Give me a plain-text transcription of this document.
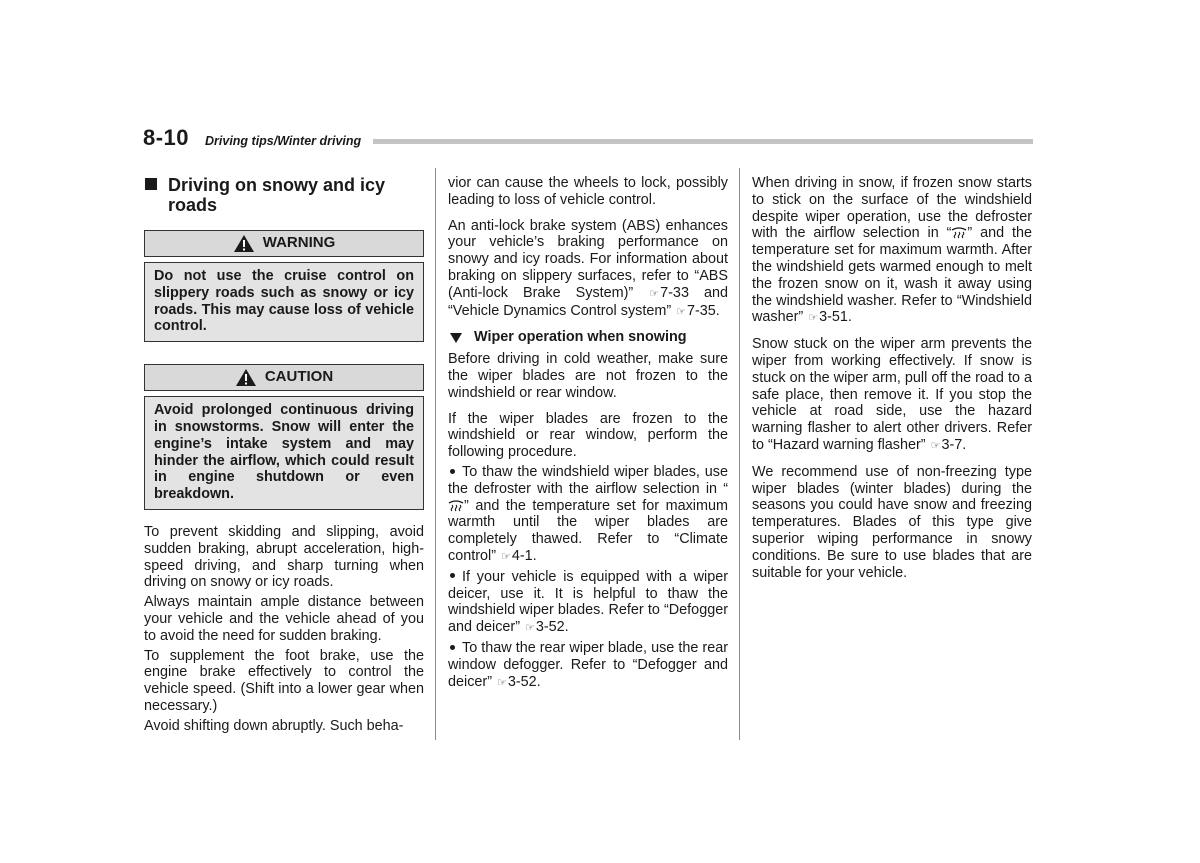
8-10 Driving tips/Winter driving
Driving on snowy and icy roads
WARNING
Do not use the cruise control on slippery roads such as snowy or icy roads. This may cause loss of vehicle control.
CAUTION
Avoid prolonged continuous driving in snowstorms. Snow will enter the engine’s intake system and may hinder the airflow, which could result in engine shutdown or even breakdown.

To prevent skidding and slipping, avoid sudden braking, abrupt acceleration, high-speed driving, and sharp turning when driving on snowy or icy roads.

Always maintain ample distance between your vehicle and the vehicle ahead of you to avoid the need for sudden braking.

To supplement the foot brake, use the engine brake effectively to control the vehicle speed. (Shift into a lower gear when necessary.)

Avoid shifting down abruptly. Such beha-

vior can cause the wheels to lock, possibly leading to loss of vehicle control.

An anti-lock brake system (ABS) enhances your vehicle’s braking performance on snowy and icy roads. For information about braking on slippery surfaces, refer to “ABS (Anti-lock Brake System)” ☞7-33 and “Vehicle Dynamics Control system” ☞7-35.

Wiper operation when snowing

Before driving in cold weather, make sure the wiper blades are not frozen to the windshield or rear window.

If the wiper blades are frozen to the windshield or rear window, perform the following procedure.

To thaw the windshield wiper blades, use the defroster with the airflow selection in “” and the temperature set for maximum warmth until the wiper blades are completely thawed. Refer to “Climate control” ☞4-1.

If your vehicle is equipped with a wiper deicer, use it. It is helpful to thaw the windshield wiper blades. Refer to “Defogger and deicer” ☞3-52.

To thaw the rear wiper blade, use the rear window defogger. Refer to “Defogger and deicer” ☞3-52.

When driving in snow, if frozen snow starts to stick on the surface of the windshield despite wiper operation, use the defroster with the airflow selection in “ ” and the temperature set for maximum warmth. After the windshield gets warmed enough to melt the frozen snow on it, wash it away using the windshield washer. Refer to “Windshield washer” ☞3-51.

Snow stuck on the wiper arm prevents the wiper from working effectively. If snow is stuck on the wiper arm, pull off the road to a safe place, then remove it. If you stop the vehicle at road side, use the hazard warning flasher to alert other drivers. Refer to “Hazard warning flasher” ☞3-7.

We recommend use of non-freezing type wiper blades (winter blades) during the seasons you could have snow and freezing temperatures. Blades of this type give superior wiping performance in snowy conditions. Be sure to use blades that are suitable for your vehicle.
